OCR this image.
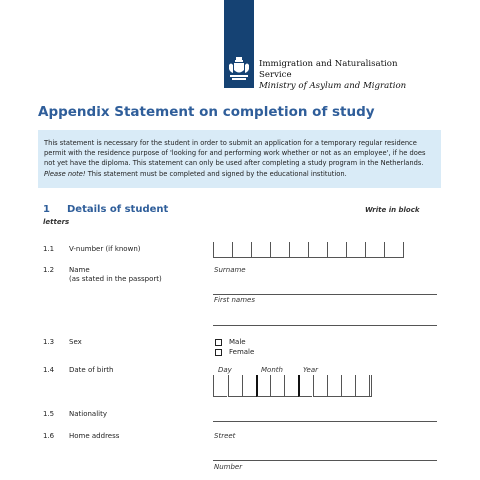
Immigration and Naturalisation
Service
Ministry of Asylum and Migration
Appendix Statement on completion of study

This statement is necessary for the student in order to submit an application for a temporary regular residence permit with the residence purpose of 'looking for and performing work whether or not as an employee', if he does not yet have the diploma. This statement can only be used after completing a study program in the Netherlands.
Please note! This statement must be completed and signed by the educational institution.

1 Details of student	Write in block
letters
1.1 V-number (if known)
1.2 Name
(as stated in the passport)
Surname
First names
1.3 Sex	Male
Female
1.4 Date of birth	Day	Month	Year
1.5 Nationality
1.6 Home address	Street
Number
